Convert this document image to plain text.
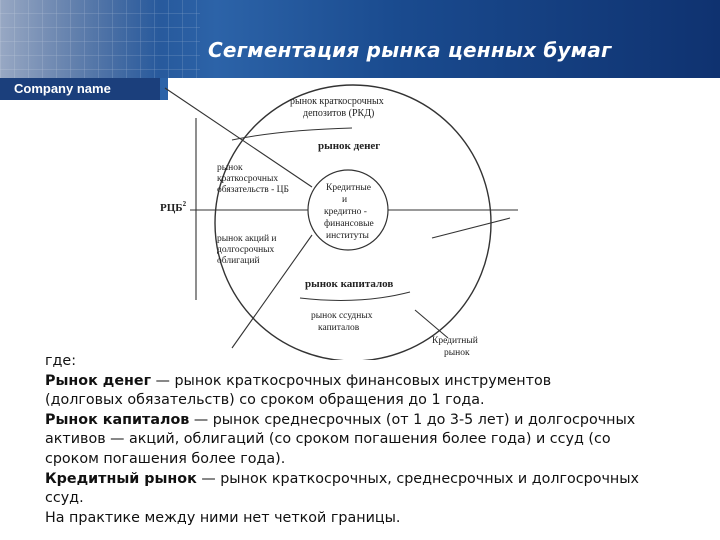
Сегментация рынка ценных бумаг
Company name
рынок краткосрочных
депозитов (РКД)
рынок денег
рынок
краткосрочных
обязательств - ЦБ
РЦБ$^2$
рынок акций и
долгосрочных
облигаций
Кредитные
и
кредитно -
финансовые
институты
рынок капиталов
рынок ссудных
капиталов
Кредитный
рынок

где:

Рынок денег — рынок краткосрочных финансовых инструментов

(долговых обязательств) со сроком обращения до 1 года.

Рынок капиталов — рынок среднесрочных (от 1 до 3-5 лет) и долгосрочных

активов — акций, облигаций (со сроком погашения более года) и ссуд (со

сроком погашения более года).

Кредитный рынок — рынок краткосрочных, среднесрочных и долгосрочных

ссуд.

На практике между ними нет четкой границы.
